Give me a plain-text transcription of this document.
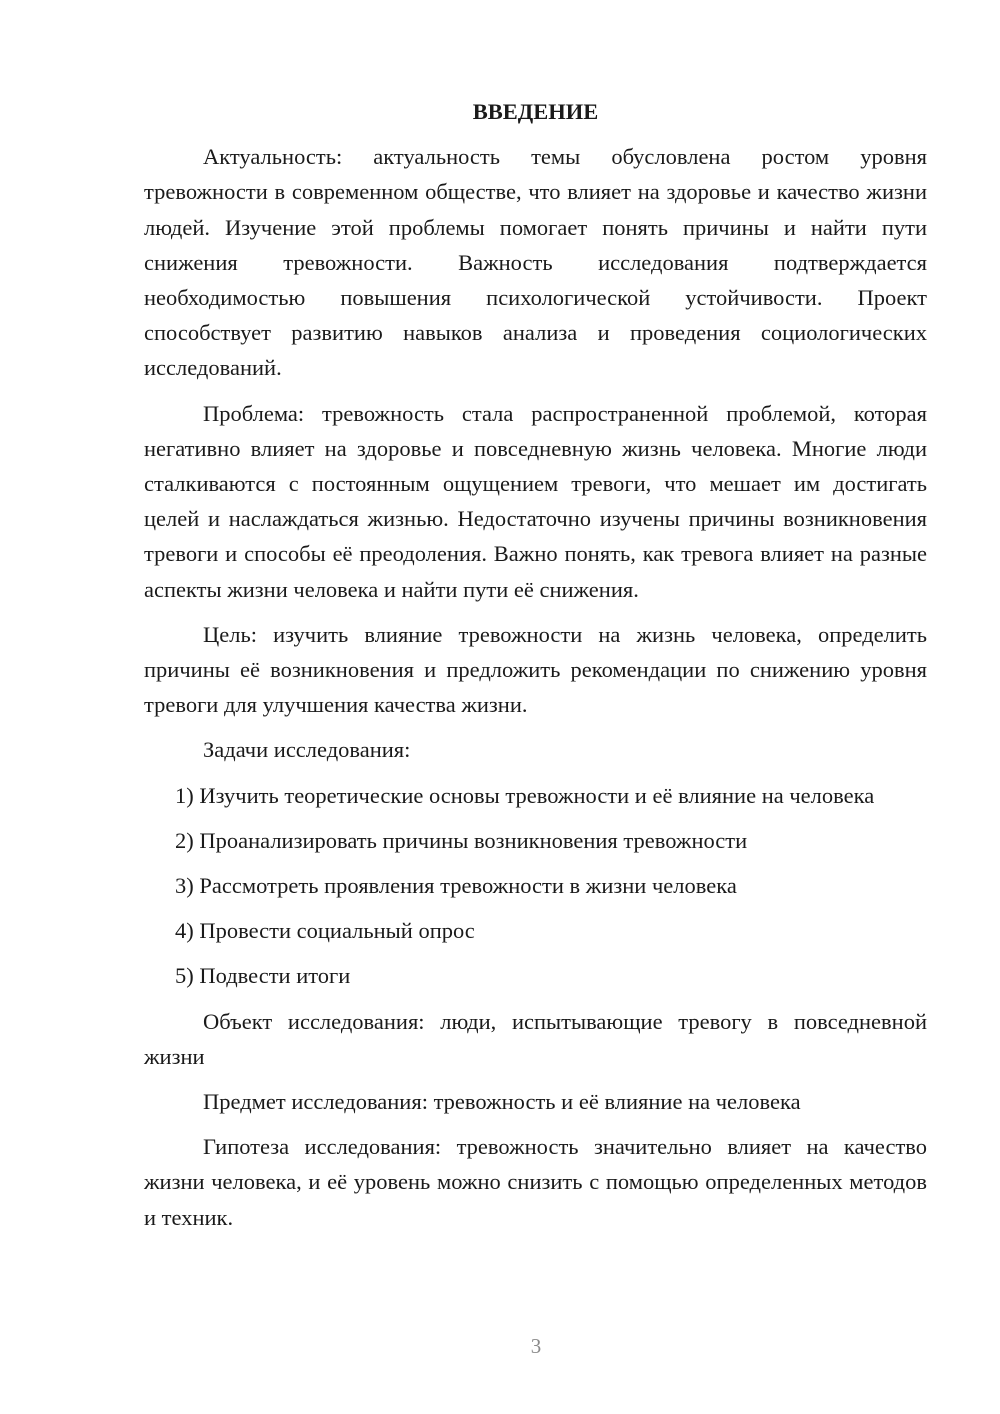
ВВЕДЕНИЕ

Актуальность: актуальность темы обусловлена ростом уровня тревожности в современном обществе, что влияет на здоровье и качество жизни людей. Изучение этой проблемы помогает понять причины и найти пути снижения тревожности. Важность исследования подтверждается необходимостью повышения психологической устойчивости. Проект способствует развитию навыков анализа и проведения социологических исследований.

Проблема: тревожность стала распространенной проблемой, которая негативно влияет на здоровье и повседневную жизнь человека. Многие люди сталкиваются с постоянным ощущением тревоги, что мешает им достигать целей и наслаждаться жизнью. Недостаточно изучены причины возникновения тревоги и способы её преодоления. Важно понять, как тревога влияет на разные аспекты жизни человека и найти пути её снижения.

Цель: изучить влияние тревожности на жизнь человека, определить причины её возникновения и предложить рекомендации по снижению уровня тревоги для улучшения качества жизни.

Задачи исследования:

1) Изучить теоретические основы тревожности и её влияние на человека

2) Проанализировать причины возникновения тревожности

3) Рассмотреть проявления тревожности в жизни человека

4) Провести социальный опрос

5) Подвести итоги

Объект исследования: люди, испытывающие тревогу в повседневной жизни

Предмет исследования: тревожность и её влияние на человека

Гипотеза исследования: тревожность значительно влияет на качество жизни человека, и её уровень можно снизить с помощью определенных методов и техник.

3
